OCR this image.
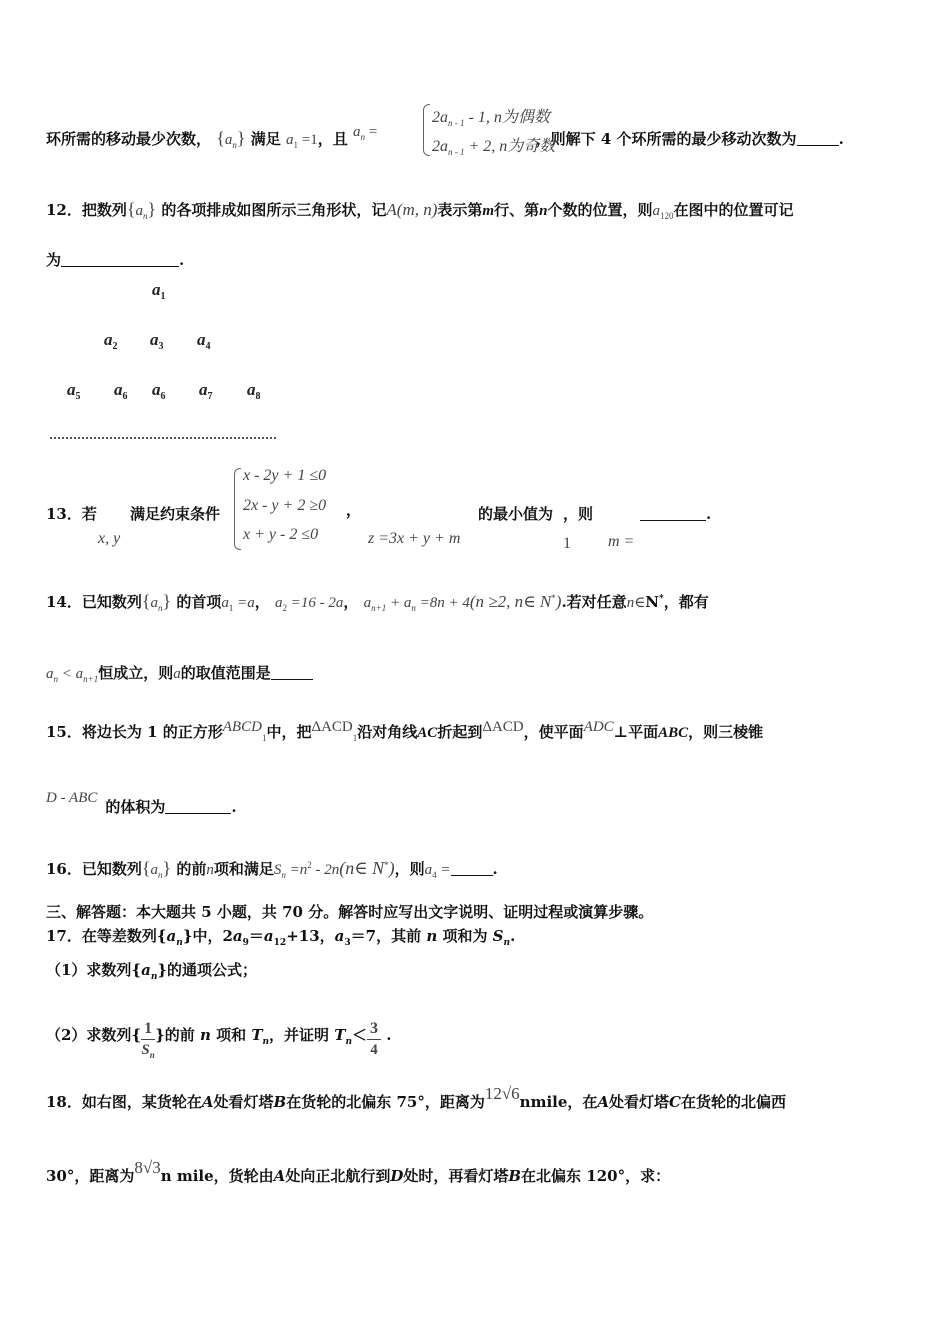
环所需的移动最少次数， $\{a_n\}$ 满足 $a_1 =1$，且 $a^n$ =	，则解下 4 个环所需的最少移动次数为	.
$2a_{n - 1} - 1$, n为偶数
$2a_{n - 1} + 2$, n为奇数
12．把数列$\{a_n\}$ 的各项排成如图所示三角形状，记A(m, n)表示第m行、第n个数的位置，则$a_{120}$在图中的位置可记
为	.
$a_1$
$a_2$ $a_3$ $a_4$
$a_5$ $a_6$ $a_6$ $a_7$ $a_8$
13．若 满足约束条件
x, y
x - 2y + 1 ≤0
2x - y + 2 ≥0
x + y - 2 ≤0
，
z =3x + y + m
的最小值为 ，则
1 m =
.
14．已知数列$\{a_n\}$ 的首项$a_1 =a$， $a_2 =16 - 2a$， $a_{n+1} + a_n =8n + 4(n \ge 2$, n∈ N*).若对任意n∈N*，都有
$a_n < a_{n+1}$恒成立，则a的取值范围是
15．将边长为 1 的正方形$ABCD_1$中，把$\Delta ACD_1$沿对角线AC折起到ΔACD，使平面ADC⊥平面ABC，则三棱锥
D - ABC 的体积为	.
16．已知数列$\{a_n\}$ 的前n项和满足$S_n =n^2$ - 2n(n∈ N*)，则$a_4$ =	.
三、解答题：本大题共 5 小题，共 70 分。解答时应写出文字说明、证明过程或演算步骤。
17．在等差数列$\{a_n\}$中，$2a_9=a_{12}+13$，$a_3=7$，其前 n 项和为 $S_n$.
（1）求数列$\{a_n\}$的通项公式；
（2）求数列{ $\frac{1}{S_n}$ }的前 n 项和 $T_n$，并证明 $T_n< \frac{3}{4}$ .
18．如右图，某货轮在A处看灯塔B在货轮的北偏东 75°，距离为12√6nmile，在A处看灯塔C在货轮的北偏西
30°，距离为8√3n mile，货轮由A处向正北航行到D处时，再看灯塔B在北偏东 120°，求：
